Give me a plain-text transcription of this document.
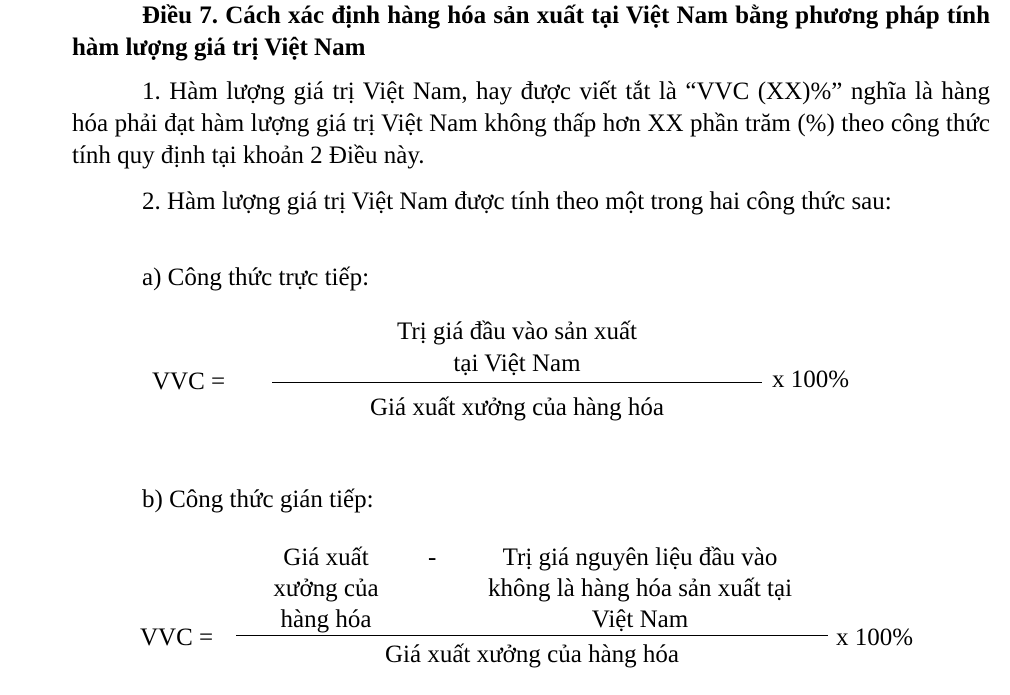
Điều 7. Cách xác định hàng hóa sản xuất tại Việt Nam bằng phương pháp tính hàm lượng giá trị Việt Nam
1. Hàm lượng giá trị Việt Nam, hay được viết tắt là “VVC (XX)%” nghĩa là hàng hóa phải đạt hàm lượng giá trị Việt Nam không thấp hơn XX phần trăm (%) theo công thức tính quy định tại khoản 2 Điều này.
2. Hàm lượng giá trị Việt Nam được tính theo một trong hai công thức sau:
a) Công thức trực tiếp:
VVC =
Trị giá đầu vào sản xuất
tại Việt Nam
Giá xuất xưởng của hàng hóa
x 100%
b) Công thức gián tiếp:
VVC =
Giá xuất
xưởng của
hàng hóa
-	Trị giá nguyên liệu đầu vào
không là hàng hóa sản xuất tại
Việt Nam
Giá xuất xưởng của hàng hóa
x 100%
